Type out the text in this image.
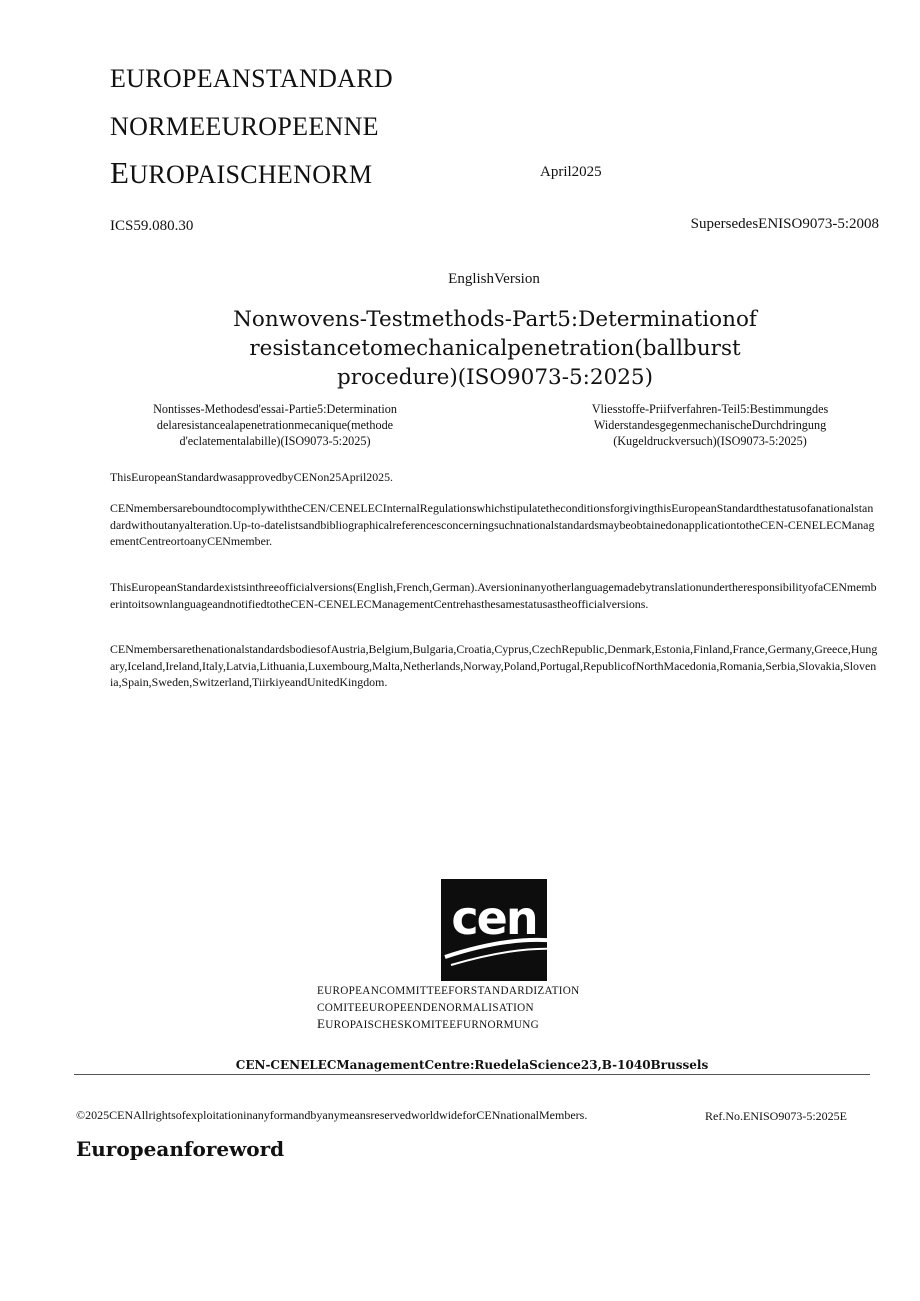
EUROPEANSTANDARD
NORMEEUROPEENNE
EUROPAISCHENORM	April2025
ICS59.080.30	SupersedesENISO9073-5:2008
EnglishVersion
Nonwovens-Testmethods-Part5:Determinationof
resistancetomechanicalpenetration(ballburst
procedure)(ISO9073-5:2025)
Nontisses-Methodesd'essai-Partie5:Determination
delaresistancealapenetrationmecanique(methode
d'eclatementalabille)(ISO9073-5:2025)
Vliesstoffe-Priifverfahren-Teil5:Bestimmungdes
WiderstandesgegenmechanischeDurchdringung
(Kugeldruckversuch)(ISO9073-5:2025)
ThisEuropeanStandardwasapprovedbyCENon25April2025.
CENmembersareboundtocomplywiththeCEN/CENELECInternalRegulationswhichstipulatetheconditionsforgivingthisEuropeanStandardthestatusofanationalstandardwithoutanyalteration.Up-to-datelistsandbibliographicalreferencesconcerningsuchnationalstandardsmaybeobtainedonapplicationtotheCEN-CENELECManagementCentreortoanyCENmember.
ThisEuropeanStandardexistsinthreeofficialversions(English,French,German).AversioninanyotherlanguagemadebytranslationundertheresponsibilityofaCENmemberintoitsownlanguageandnotifiedtotheCEN-CENELECManagementCentrehasthesamestatusastheofficialversions.
CENmembersarethenationalstandardsbodiesofAustria,Belgium,Bulgaria,Croatia,Cyprus,CzechRepublic,Denmark,Estonia,Finland,France,Germany,Greece,Hungary,Iceland,Ireland,Italy,Latvia,Lithuania,Luxembourg,Malta,Netherlands,Norway,Poland,Portugal,RepublicofNorthMacedonia,Romania,Serbia,Slovakia,Slovenia,Spain,Sweden,Switzerland,TiirkiyeandUnitedKingdom.
cen
EUROPEANCOMMITTEEFORSTANDARDIZATION
COMITEEUROPEENDENORMALISATION
EUROPAISCHESKOMITEEFURNORMUNG
CEN-CENELECManagementCentre:RuedelaScience23,B-1040Brussels
©2025CENAllrightsofexploitationinanyformandbyanymeansreservedworldwideforCENnationalMembers.	Ref.No.ENISO9073-5:2025E
Europeanforeword
